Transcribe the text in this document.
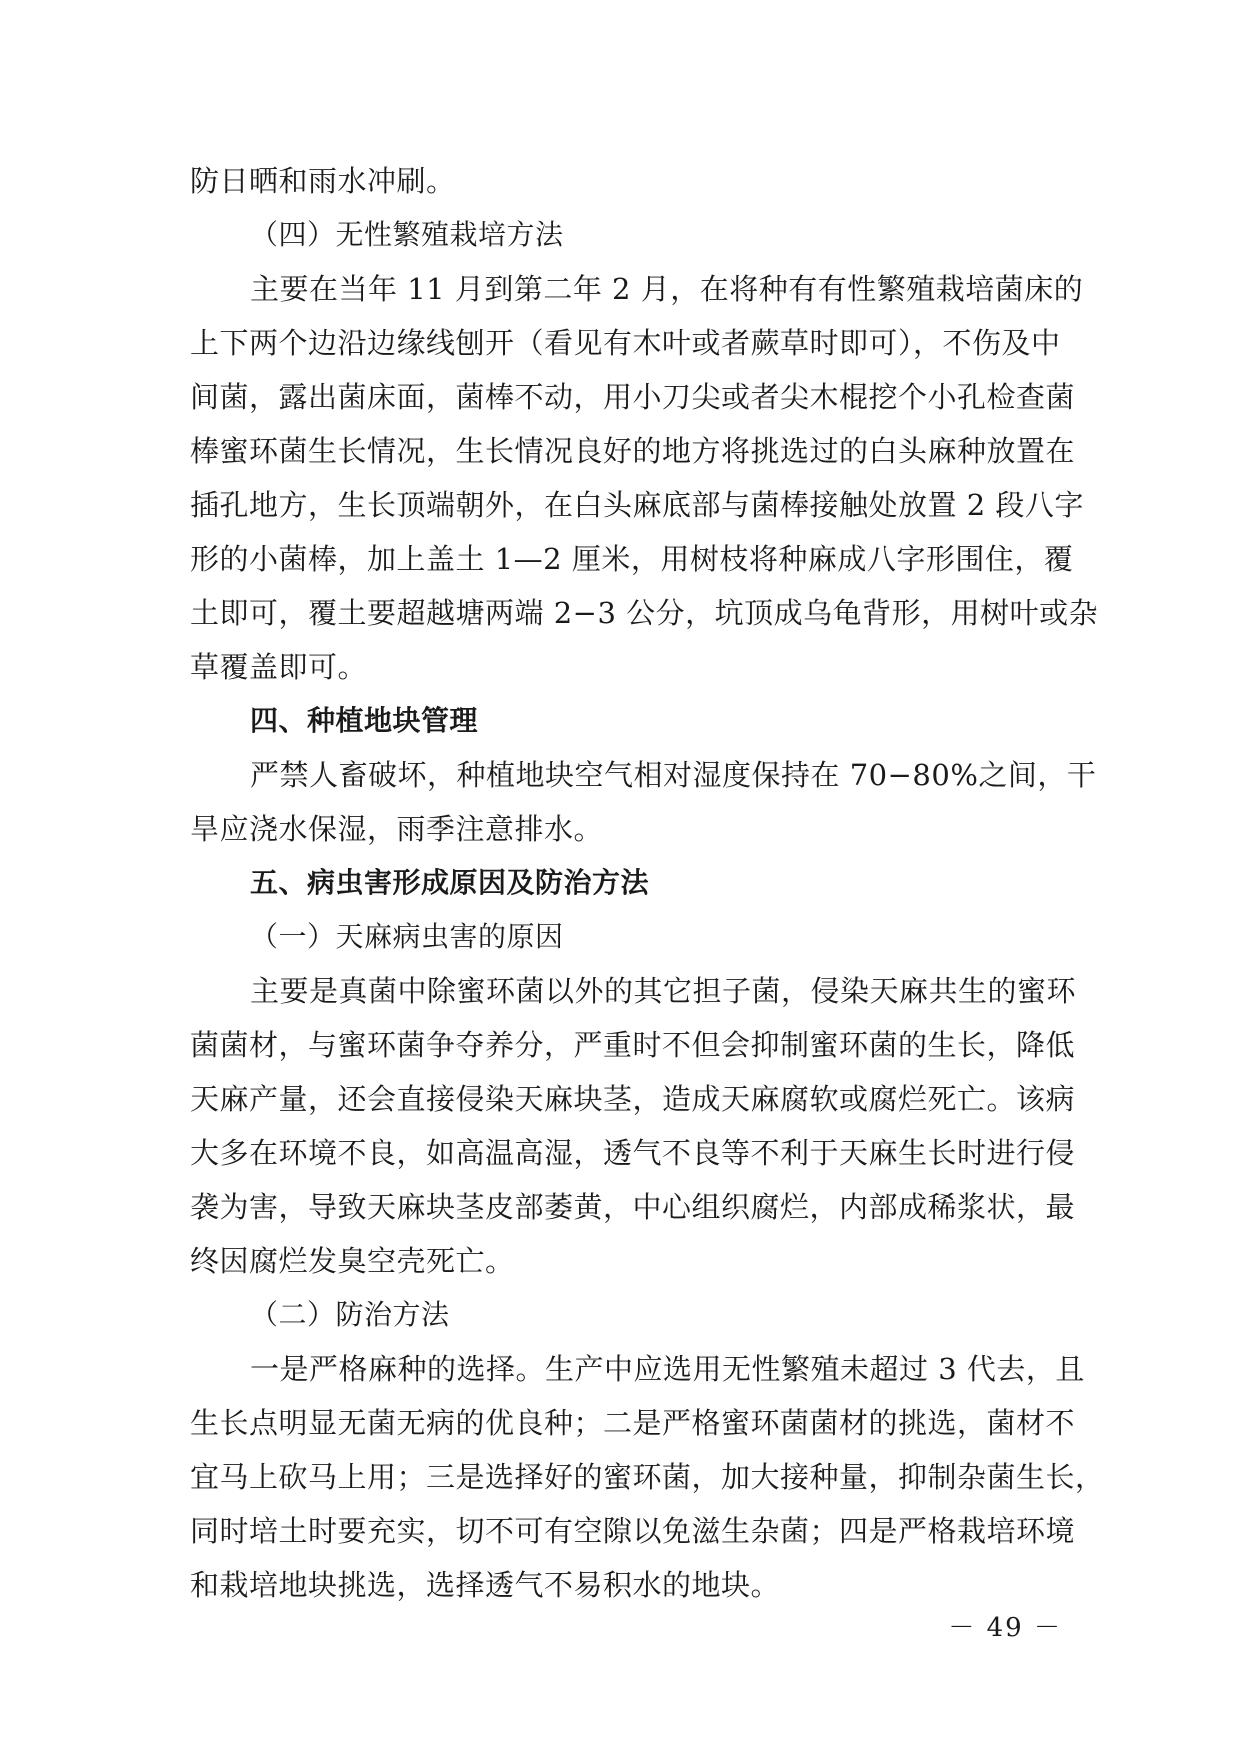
防日晒和雨水冲刷。
（四）无性繁殖栽培方法
主要在当年 11 月到第二年 2 月，在将种有有性繁殖栽培菌床的
上下两个边沿边缘线刨开（看见有木叶或者蕨草时即可），不伤及中
间菌，露出菌床面，菌棒不动，用小刀尖或者尖木棍挖个小孔检查菌
棒蜜环菌生长情况，生长情况良好的地方将挑选过的白头麻种放置在
插孔地方，生长顶端朝外，在白头麻底部与菌棒接触处放置 2 段八字
形的小菌棒，加上盖土 1—2 厘米，用树枝将种麻成八字形围住，覆
土即可，覆土要超越塘两端 2−3 公分，坑顶成乌龟背形，用树叶或杂
草覆盖即可。
四、种植地块管理
严禁人畜破坏，种植地块空气相对湿度保持在 70−80%之间，干
旱应浇水保湿，雨季注意排水。
五、病虫害形成原因及防治方法
（一）天麻病虫害的原因
主要是真菌中除蜜环菌以外的其它担子菌，侵染天麻共生的蜜环
菌菌材，与蜜环菌争夺养分，严重时不但会抑制蜜环菌的生长，降低
天麻产量，还会直接侵染天麻块茎，造成天麻腐软或腐烂死亡。该病
大多在环境不良，如高温高湿，透气不良等不利于天麻生长时进行侵
袭为害，导致天麻块茎皮部萎黄，中心组织腐烂，内部成稀浆状，最
终因腐烂发臭空壳死亡。
（二）防治方法
一是严格麻种的选择。生产中应选用无性繁殖未超过 3 代去，且
生长点明显无菌无病的优良种；二是严格蜜环菌菌材的挑选，菌材不
宜马上砍马上用；三是选择好的蜜环菌，加大接种量，抑制杂菌生长，
同时培土时要充实，切不可有空隙以免滋生杂菌；四是严格栽培环境
和栽培地块挑选，选择透气不易积水的地块。
－ 49 －
